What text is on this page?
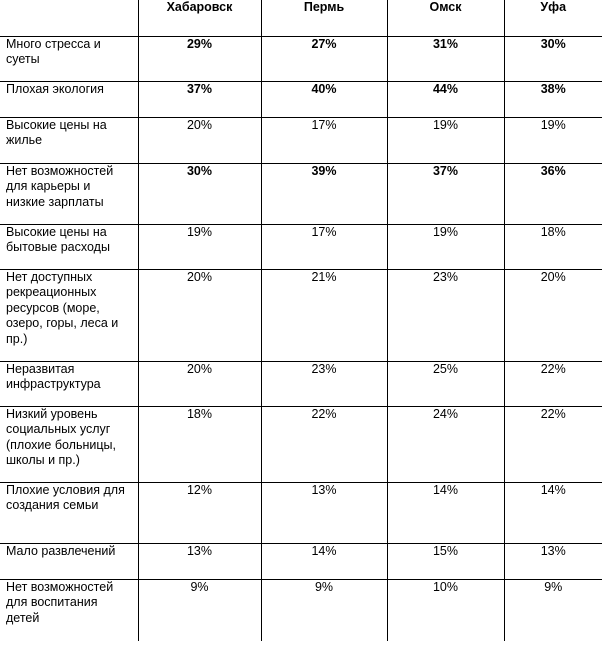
	Хабаровск	Пермь	Омск	Уфа
Много стресса и суеты	29%	27%	31%	30%
Плохая экология	37%	40%	44%	38%
Высокие цены на жилье	20%	17%	19%	19%
Нет возможностей для карьеры и низкие зарплаты	30%	39%	37%	36%
Высокие цены на бытовые расходы	19%	17%	19%	18%
Нет доступных рекреационных ресурсов (море, озеро, горы, леса и пр.)	20%	21%	23%	20%
Неразвитая инфраструктура	20%	23%	25%	22%
Низкий уровень социальных услуг (плохие больницы, школы и пр.)	18%	22%	24%	22%
Плохие условия для создания семьи	12%	13%	14%	14%
Мало развлечений	13%	14%	15%	13%
Нет возможностей для воспитания детей	9%	9%	10%	9%
